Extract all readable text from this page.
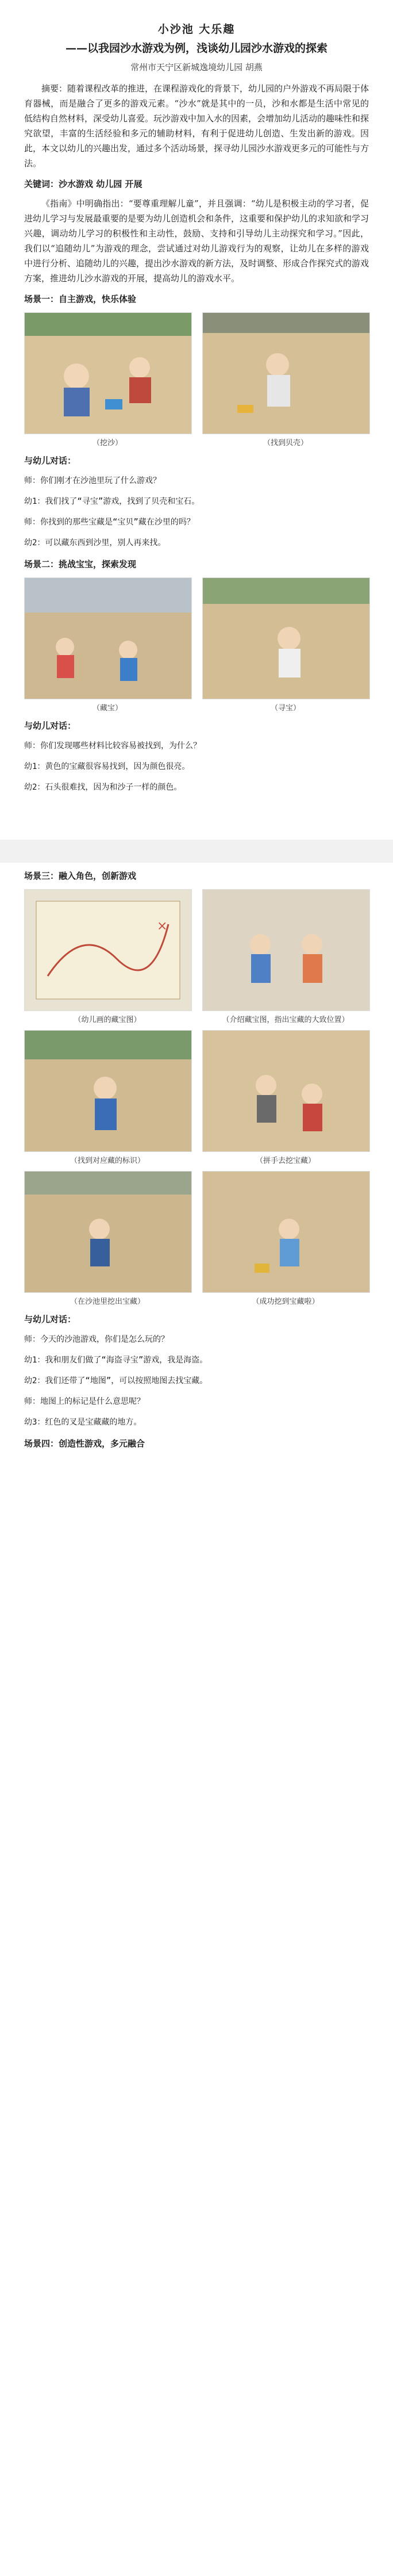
小沙池 大乐趣
——以我园沙水游戏为例，浅谈幼儿园沙水游戏的探索
常州市天宁区新城逸境幼儿园 胡燕

摘要：随着课程改革的推进，在课程游戏化的背景下，幼儿园的户外游戏不再局限于体育器械，而是融合了更多的游戏元素。“沙水”就是其中的一员，沙和水都是生活中常见的低结构自然材料，深受幼儿喜爱。玩沙游戏中加入水的因素，会增加幼儿活动的趣味性和探究欲望，丰富的生活经验和多元的辅助材料，有利于促进幼儿创造、生发出新的游戏。因此，本文以幼儿的兴趣出发，通过多个活动场景，探寻幼儿园沙水游戏更多元的可能性与方法。

关键词：沙水游戏 幼儿园 开展

《指南》中明确指出：“要尊重理解儿童”，并且强调：“幼儿是积极主动的学习者，促进幼儿学习与发展最重要的是要为幼儿创造机会和条件，这重要和保护幼儿的求知欲和学习兴趣，调动幼儿学习的积极性和主动性，鼓励、支持和引导幼儿主动探究和学习。”因此，我们以“追随幼儿”为游戏的理念，尝试通过对幼儿游戏行为的观察，让幼儿在多样的游戏中进行分析、追随幼儿的兴趣，提出沙水游戏的新方法，及时调整、形成合作探究式的游戏方案，推进幼儿沙水游戏的开展，提高幼儿的游戏水平。

场景一：自主游戏，快乐体验

（挖沙）	（找到贝壳）

与幼儿对话：

师：你们刚才在沙池里玩了什么游戏？

幼1：我们找了“寻宝”游戏，找到了贝壳和宝石。

师：你找到的那些宝藏是“宝贝”藏在沙里的吗？

幼2：可以藏东西到沙里，别人再来找。

场景二：挑战宝宝，探索发现

（藏宝）	（寻宝）

与幼儿对话：

师：你们发现哪些材料比较容易被找到，为什么？

幼1：黄色的宝藏很容易找到，因为颜色很亮。

幼2：石头很难找，因为和沙子一样的颜色。

场景三：融入角色，创新游戏

×
（幼儿画的藏宝图）	（介绍藏宝图，指出宝藏的大致位置）
（找到对应藏的标识）	（拼手去挖宝藏）
（在沙池里挖出宝藏）	（成功挖到宝藏啦）

与幼儿对话：

师：今天的沙池游戏，你们是怎么玩的？

幼1：我和朋友们做了“海盗寻宝”游戏，我是海盗。

幼2：我们还带了“地图”，可以按照地图去找宝藏。

师：地图上的标记是什么意思呢？

幼3：红色的叉是宝藏藏的地方。

场景四：创造性游戏，多元融合
